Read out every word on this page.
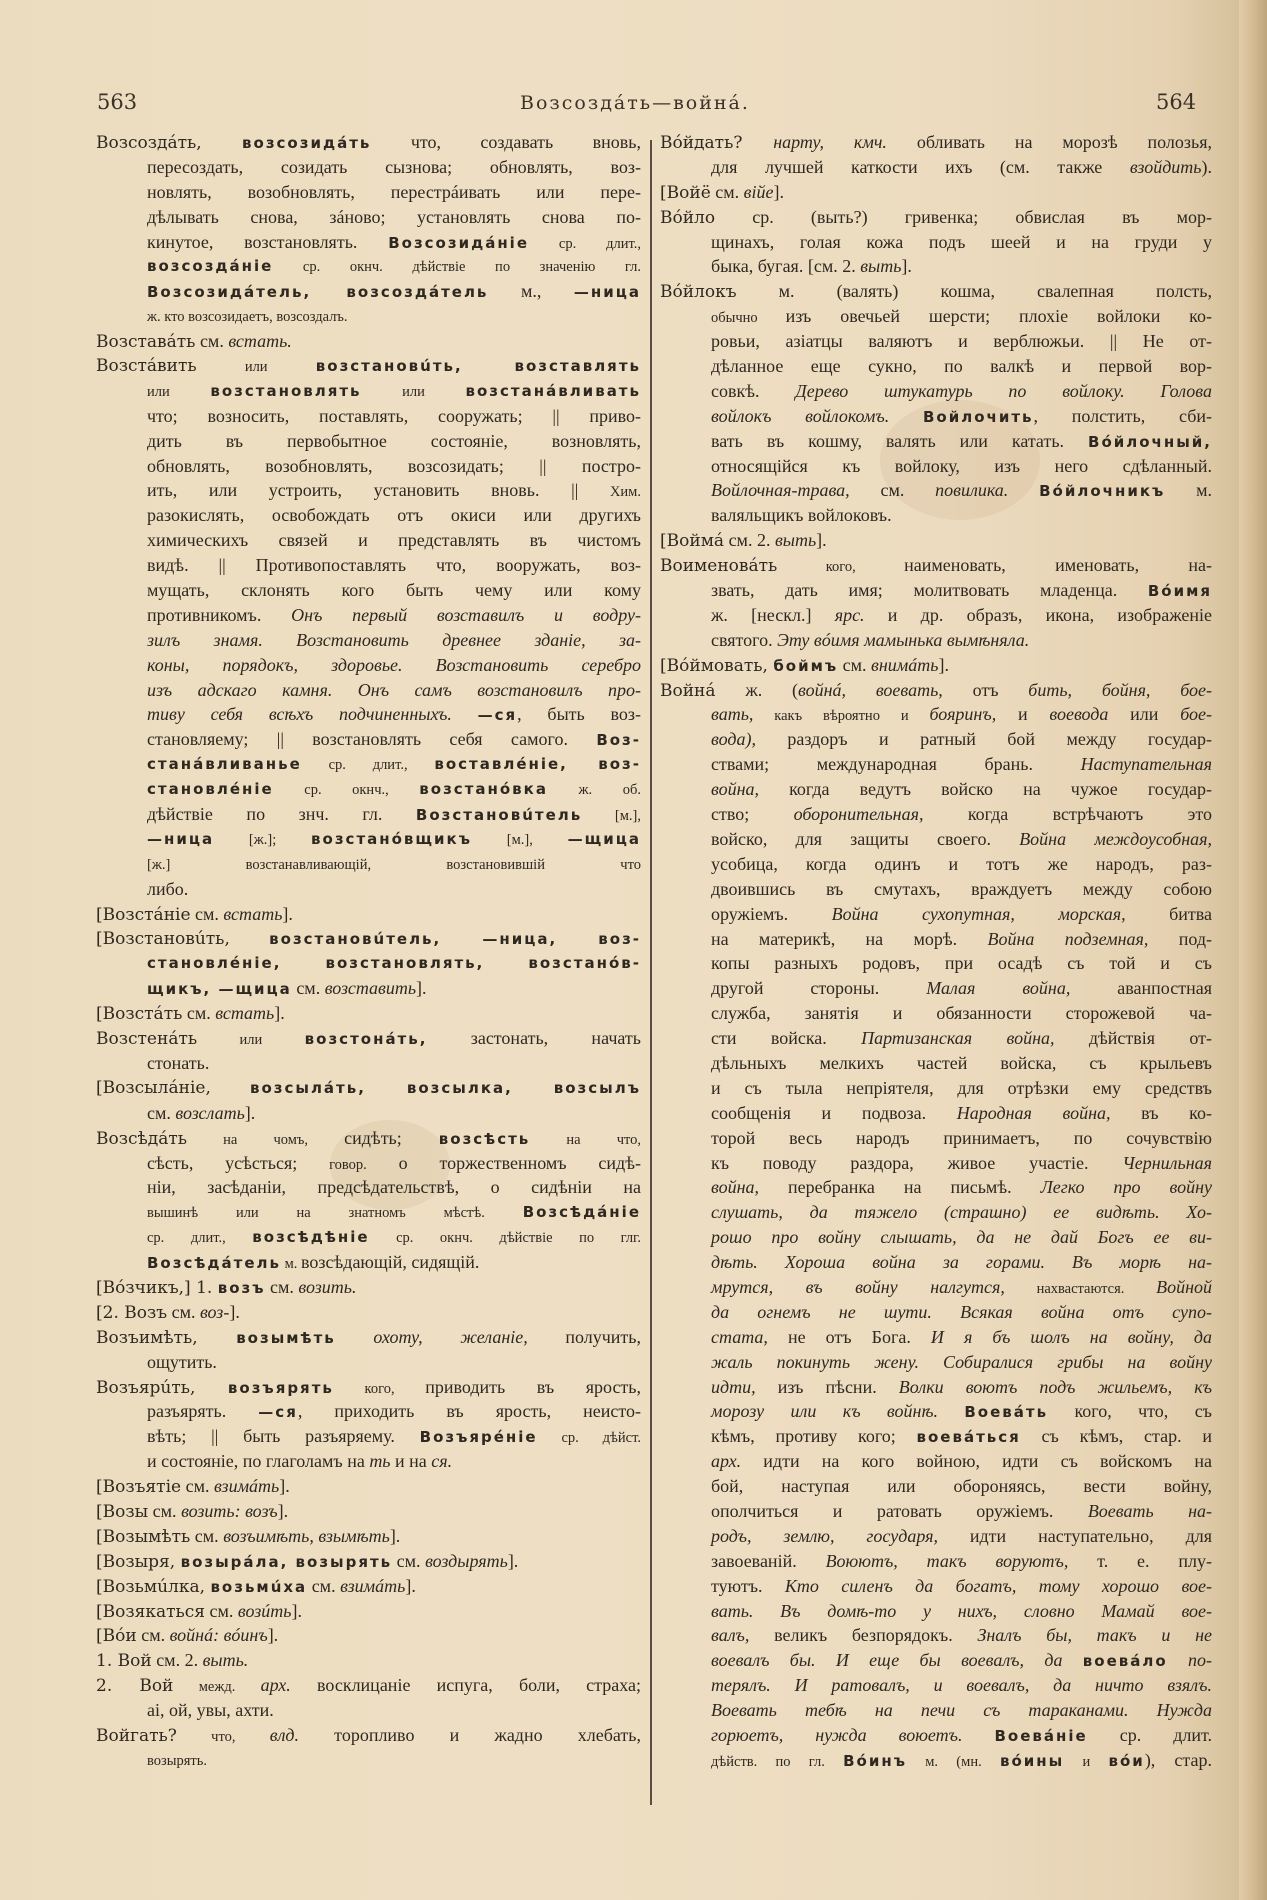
563	Возсоздáть—войнá.	564
Возсоздáть, возсозидáть что, создавать вновь,
пересоздать, созидать сызнова; обновлять, воз-
новлять, возобновлять, перестрáивать или пере-
дѣлывать снова, зáново; установлять снова по-
кинутое, возстановлять. Возсозидáніе ср. длит.,
возсоздáніе ср. окнч. дѣйствіе по значенію гл.
Возсозидáтель, возсоздáтель м., —ница
ж. кто возсозидаетъ, возсоздалъ.
Возставáть см. встать.
Возстáвить или возстановúть, возставлять
или возстановлять или возстанáвливать
что; возносить, поставлять, сооружать; || приво-
дить въ первобытное состояніе, возновлять,
обновлять, возобновлять, возсозидать; || постро-
ить, или устроить, установить вновь. || Хим.
разокислять, освобождать отъ окиси или другихъ
химическихъ связей и представлять въ чистомъ
видѣ. || Противопоставлять что, вооружать, воз-
мущать, склонять кого быть чему или кому
противникомъ. Онъ первый возставилъ и водру-
зилъ знамя. Возстановить древнее зданіе, за-
коны, порядокъ, здоровье. Возстановить серебро
изъ адскаго камня. Онъ самъ возстановилъ про-
тиву себя всѣхъ подчиненныхъ. —ся, быть воз-
становляему; || возстановлять себя самого. Воз-
станáвливанье ср. длит., воставлéніе, воз-
становлéніе ср. окнч., возстанóвка ж. об.
дѣйствіе по знч. гл. Возстановúтель [м.],
—ница [ж.]; возстанóвщикъ [м.], —щица
[ж.] возстанавливающій, возстановившій что
либо.
[Возстáніе см. встать].
[Возстановúть, возстановúтель, —ница, воз-
становлéніе, возстановлять, возстанóв-
щикъ, —щица см. возставить].
[Возстáть см. встать].
Возстенáть или возстонáть, застонать, начать
стонать.
[Возсылáніе, возсылáть, возсылка, возсылъ
см. возслать].
Возсѣдáть на чомъ, сидѣть; возсѣсть на что,
сѣсть, усѣсться; говор. о торжественномъ сидѣ-
ніи, засѣданіи, предсѣдательствѣ, о сидѣніи на
вышинѣ или на знатномъ мѣстѣ. Возсѣдáніе
ср. длит., возсѣдѣніе ср. окнч. дѣйствіе по глг.
Возсѣдáтель м. возсѣдающій, сидящій.
[Вóзчикъ,] 1. возъ см. возить.
[2. Возъ см. воз-].
Возъимѣть, возымѣть охоту, желаніе, получить,
ощутить.
Возъярúть, возъярять кого, приводить въ ярость,
разъярять. —ся, приходить въ ярость, неисто-
вѣть; || быть разъяряему. Возъярéніе ср. дѣйст.
и состояніе, по глаголамъ на ть и на ся.
[Возъятіе см. взимáть].
[Возы см. возить: возъ].
[Возымѣть см. возъимѣть, взымѣть].
[Возыря, возырáла, возырять см. воздырять].
[Возьмúлка, возьмúха см. взимáть].
[Возякаться см. возúть].
[Вóи см. войнá: вóинъ].
1. Вой см. 2. выть.
2. Вой межд. арх. восклицаніе испуга, боли, страха;
аі, ой, увы, ахти.
Войгать? что, влд. торопливо и жадно хлебать,
возырять.
Вóйдать? нарту, кмч. обливать на морозѣ полозья,
для лучшей каткости ихъ (см. также взойдить).
[Войё см. війе].
Вóйло ср. (выть?) гривенка; обвислая въ мор-
щинахъ, голая кожа подъ шеей и на груди у
быка, бугая. [см. 2. выть].
Вóйлокъ м. (валять) кошма, свалепная полсть,
обычно изъ овечьей шерсти; плохіе войлоки ко-
ровьи, азіатцы валяютъ и верблюжьи. || Не от-
дѣланное еще сукно, по валкѣ и первой вор-
совкѣ. Дерево штукатурь по войлоку. Голова
войлокъ войлокомъ. Войлочить, полстить, сби-
вать въ кошму, валять или катать. Вóйлочный,
относящійся къ войлоку, изъ него сдѣланный.
Войлочная-трава, см. повилика. Вóйлочникъ м.
валяльщикъ войлоковъ.
[Воймá см. 2. выть].
Воименовáть кого, наименовать, именовать, на-
звать, дать имя; молитвовать младенца. Вóимя
ж. [нескл.] ярс. и др. образъ, икона, изображеніе
святого. Эту вóимя мамынька вымѣняла.
[Вóймовать, боймъ см. внимáть].
Войнá ж. (войнá, воевать, отъ бить, бойня, бое-
вать, какъ вѣроятно и бояринъ, и воевода или бое-
вода), раздоръ и ратный бой между государ-
ствами; международная брань. Наступательная
война, когда ведутъ войско на чужое государ-
ство; оборонительная, когда встрѣчаютъ это
войско, для защиты своего. Война междоусобная,
усобица, когда одинъ и тотъ же народъ, раз-
двоившись въ смутахъ, враждуетъ между собою
оружіемъ. Война сухопутная, морская, битва
на материкѣ, на морѣ. Война подземная, под-
копы разныхъ родовъ, при осадѣ съ той и съ
другой стороны. Малая война, аванпостная
служба, занятія и обязанности сторожевой ча-
сти войска. Партизанская война, дѣйствія от-
дѣльныхъ мелкихъ частей войска, съ крыльевъ
и съ тыла непріятеля, для отрѣзки ему средствъ
сообщенія и подвоза. Народная война, въ ко-
торой весь народъ принимаетъ, по сочувствію
къ поводу раздора, живое участіе. Чернильная
война, перебранка на письмѣ. Легко про войну
слушать, да тяжело (страшно) ее видѣть. Хо-
рошо про войну слышать, да не дай Богъ ее ви-
дѣть. Хороша война за горами. Въ морѣ на-
мрутся, въ войну налгутся, нахвастаются. Войной
да огнемъ не шути. Всякая война отъ супо-
стата, не отъ Бога. И я бъ шолъ на войну, да
жаль покинуть жену. Собиралися грибы на войну
идти, изъ пѣсни. Волки воютъ подъ жильемъ, къ
морозу или къ войнѣ. Воевáть кого, что, съ
кѣмъ, противу кого; воевáться съ кѣмъ, стар. и
арх. идти на кого войною, идти съ войскомъ на
бой, наступая или обороняясь, вести войну,
ополчиться и ратовать оружіемъ. Воевать на-
родъ, землю, государя, идти наступательно, для
завоеваній. Воюютъ, такъ воруютъ, т. е. плу-
туютъ. Кто силенъ да богатъ, тому хорошо вое-
вать. Въ домѣ-то у нихъ, словно Мамай вое-
валъ, великъ безпорядокъ. Зналъ бы, такъ и не
воевалъ бы. И еще бы воевалъ, да воевáло по-
терялъ. И ратовалъ, и воевалъ, да ничто взялъ.
Воевать тебѣ на печи съ тараканами. Нужда
горюетъ, нужда воюетъ. Воевáніе ср. длит.
дѣйств. по гл. Вóинъ м. (мн. вóины и вóи), стар.
